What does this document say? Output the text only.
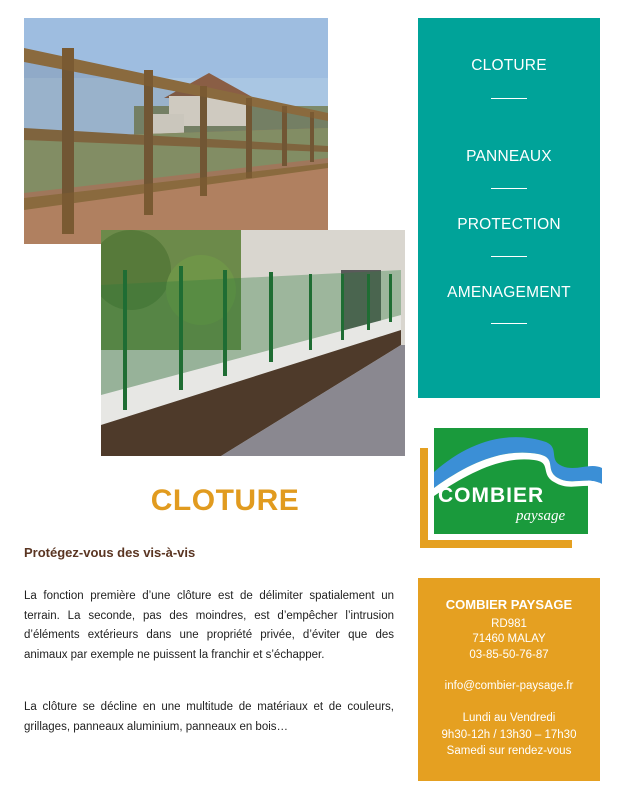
CLOTURE
PANNEAUX
PROTECTION
AMENAGEMENT
COMBIER
paysage
CLOTURE
Protégez-vous des vis-à-vis

La fonction première d’une clôture est de délimiter spatialement un terrain. La seconde, pas des moindres, est d’empêcher l’intrusion d’éléments extérieurs dans une propriété privée, d’éviter que des animaux par exemple ne puissent la franchir et s’échapper.

La clôture se décline en une multitude de matériaux et de couleurs, grillages, panneaux aluminium, panneaux en bois…

COMBIER PAYSAGE
RD981
71460 MALAY
03-85-50-76-87
info@combier-paysage.fr
Lundi au Vendredi
9h30-12h / 13h30 – 17h30
Samedi sur rendez-vous
